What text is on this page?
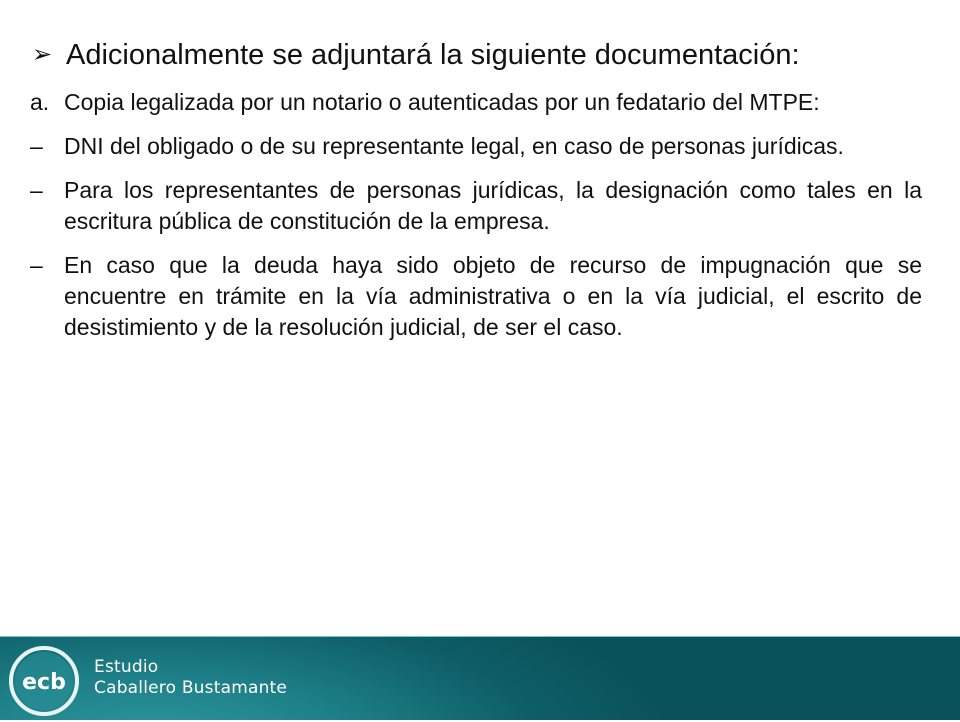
➢ Adicionalmente se adjuntará la siguiente documentación:
a. Copia legalizada por un notario o autenticadas por un fedatario del MTPE:
– DNI del obligado o de su representante legal, en caso de personas jurídicas.
– Para los representantes de personas jurídicas, la designación como tales en la escritura pública de constitución de la empresa.
– En caso que la deuda haya sido objeto de recurso de impugnación que se encuentre en trámite en la vía administrativa o en la vía judicial, el escrito de desistimiento y de la resolución judicial, de ser el caso.
ecb
Estudio
Caballero Bustamante
